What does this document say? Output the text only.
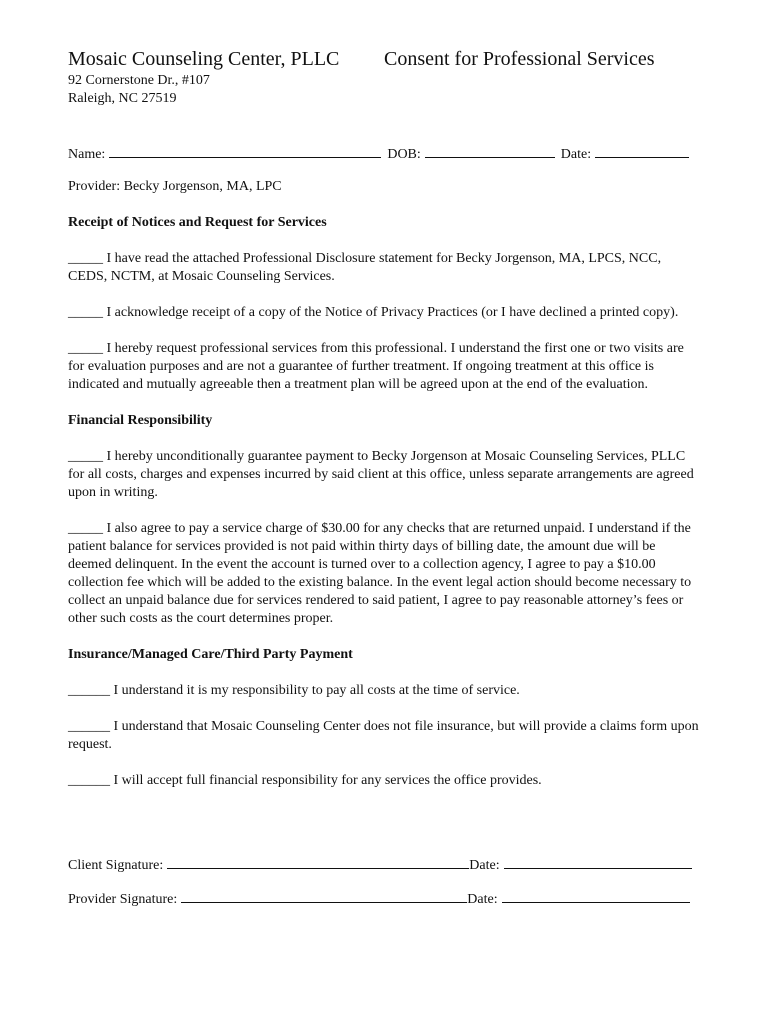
Mosaic Counseling Center, PLLC Consent for Professional Services
92 Cornerstone Dr., #107
Raleigh, NC 27519
Name:	DOB:	Date:

Provider: Becky Jorgenson, MA, LPC

Receipt of Notices and Request for Services

_____ I have read the attached Professional Disclosure statement for Becky Jorgenson, MA, LPCS, NCC, CEDS, NCTM, at Mosaic Counseling Services.

_____ I acknowledge receipt of a copy of the Notice of Privacy Practices (or I have declined a printed copy).

_____ I hereby request professional services from this professional. I understand the first one or two visits are for evaluation purposes and are not a guarantee of further treatment. If ongoing treatment at this office is indicated and mutually agreeable then a treatment plan will be agreed upon at the end of the evaluation.

Financial Responsibility

_____ I hereby unconditionally guarantee payment to Becky Jorgenson at Mosaic Counseling Services, PLLC for all costs, charges and expenses incurred by said client at this office, unless separate arrangements are agreed upon in writing.

_____ I also agree to pay a service charge of $30.00 for any checks that are returned unpaid. I understand if the patient balance for services provided is not paid within thirty days of billing date, the amount due will be deemed delinquent. In the event the account is turned over to a collection agency, I agree to pay a $10.00 collection fee which will be added to the existing balance. In the event legal action should become necessary to collect an unpaid balance due for services rendered to said patient, I agree to pay reasonable attorney’s fees or other such costs as the court determines proper.

Insurance/Managed Care/Third Party Payment

______ I understand it is my responsibility to pay all costs at the time of service.

______ I understand that Mosaic Counseling Center does not file insurance, but will provide a claims form upon request.

______ I will accept full financial responsibility for any services the office provides.

Client Signature:	Date:
Provider Signature:	Date:
